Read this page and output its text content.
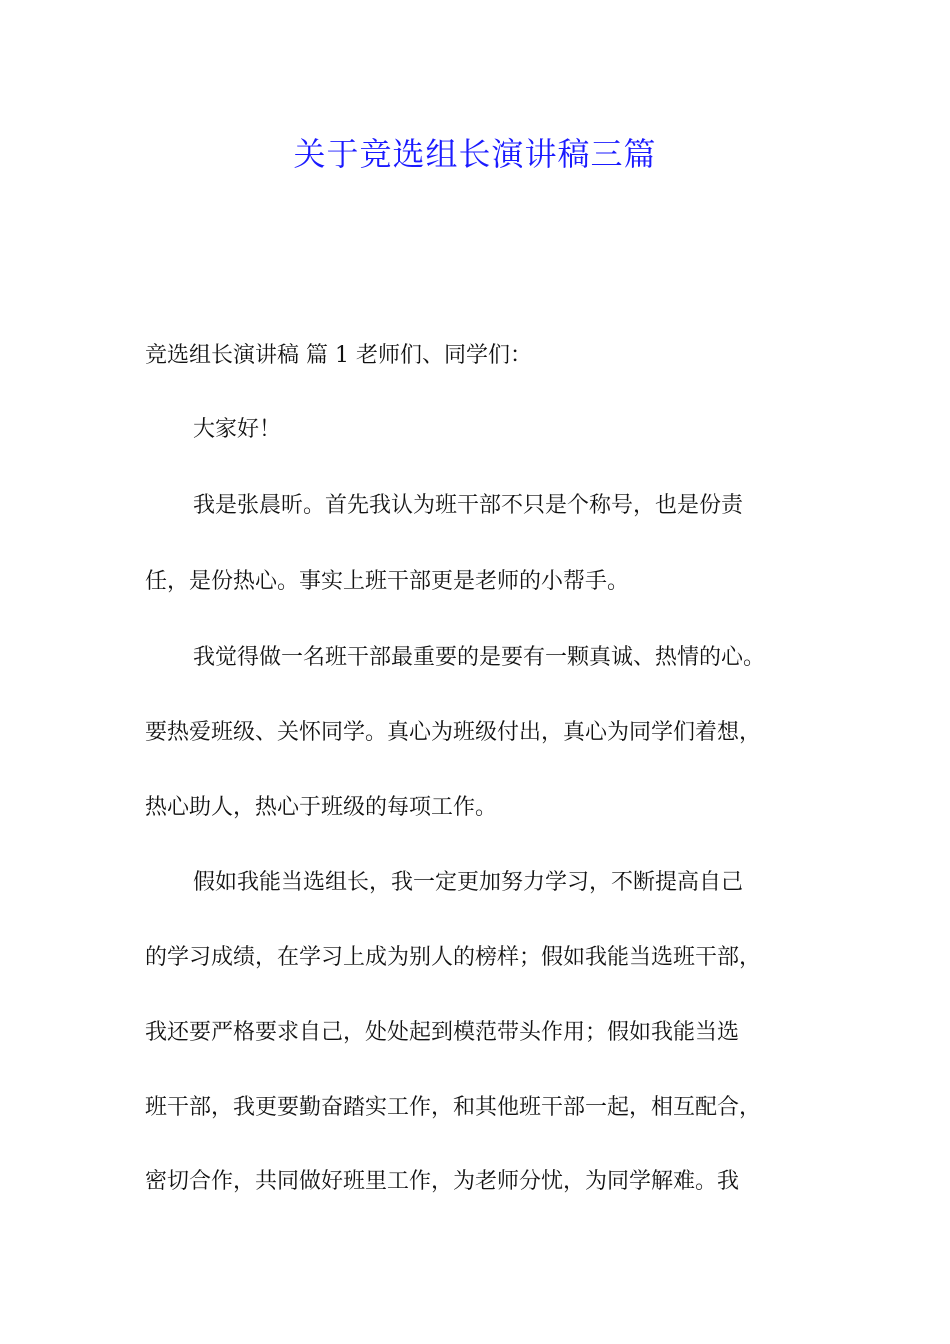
关于竞选组长演讲稿三篇

竞选组长演讲稿 篇 1 老师们、同学们：

大家好！

我是张晨昕。首先我认为班干部不只是个称号，也是份责

任，是份热心。事实上班干部更是老师的小帮手。

我觉得做一名班干部最重要的是要有一颗真诚、热情的心。

要热爱班级、关怀同学。真心为班级付出，真心为同学们着想，

热心助人，热心于班级的每项工作。

假如我能当选组长，我一定更加努力学习，不断提高自己

的学习成绩，在学习上成为别人的榜样；假如我能当选班干部，

我还要严格要求自己，处处起到模范带头作用；假如我能当选

班干部，我更要勤奋踏实工作，和其他班干部一起，相互配合，

密切合作，共同做好班里工作，为老师分忧，为同学解难。我
